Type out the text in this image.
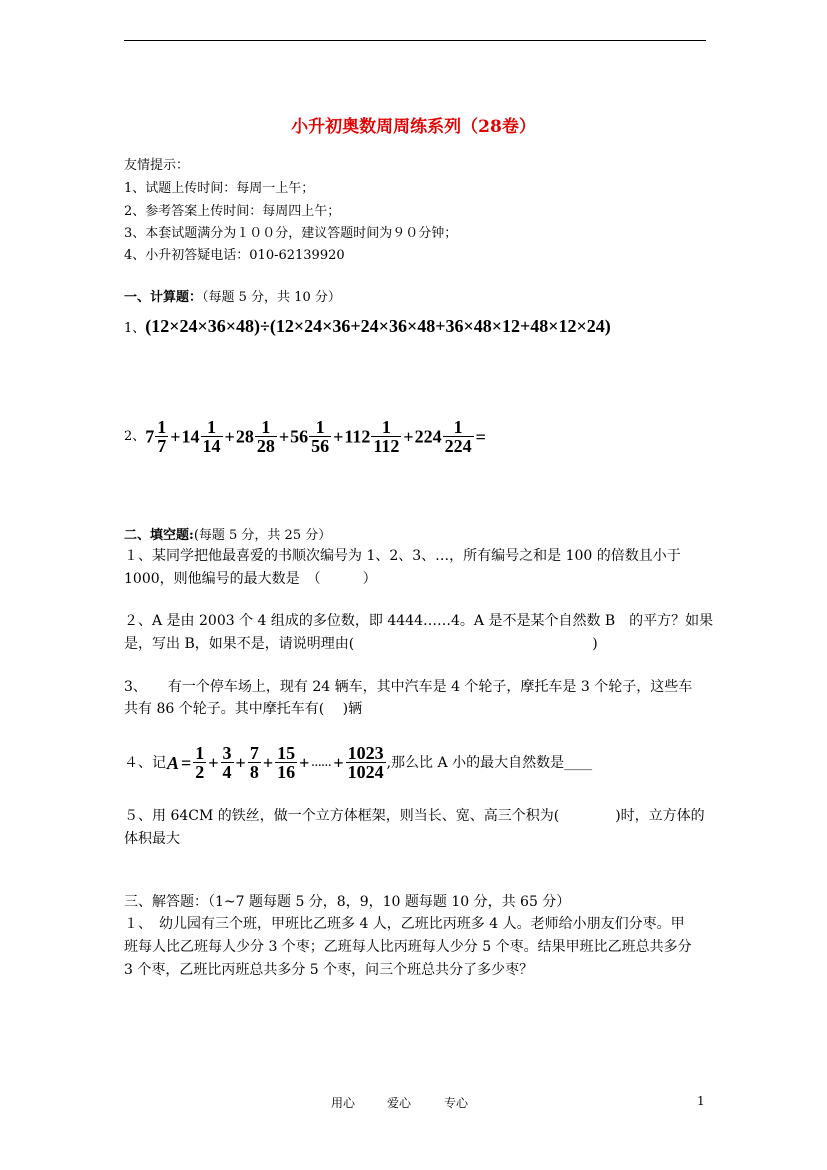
小升初奥数周周练系列（28卷）
友情提示：
1、试题上传时间：每周一上午；
2、参考答案上传时间：每周四上午；
3、本套试题满分为１００分，建议答题时间为９０分钟；
4、小升初答疑电话：010-62139920
一、计算题：（每题 5 分，共 10 分）
1、(12×24×36×48)÷(12×24×36+24×36×48+36×48×12+48×12×24)
2、 $7 \frac{1}{7} +14 \frac{1}{14} +28 \frac{1}{28} +56 \frac{1}{56} +112 \frac{1}{112} +224 \frac{1}{224}$ =
二、填空题:(每题 5 分，共 25 分）
１、某同学把他最喜爱的书顺次编号为 1、2、3、…，所有编号之和是 100 的倍数且小于
1000，则他编号的最大数是　（　　　）
２、A 是由 2003 个 4 组成的多位数，即 4444……4。A 是不是某个自然数 B　的平方？如果
是，写出 B，如果不是，请说明理由(　　　　　　　　　　　　　　　　　)
3、　　有一个停车场上，现有 24 辆车，其中汽车是 4 个轮子，摩托车是 3 个轮子，这些车
共有 86 个轮子。其中摩托车有(　 )辆
４、记 $A = \frac{1}{2} + \frac{3}{4} + \frac{7}{8} + \frac{15}{16}$ + …… + $\frac{1023}{1024}$ ,那么比 A 小的最大自然数是____
５、用 64CM 的铁丝，做一个立方体框架，则当长、宽、高三个积为(　　　　)时，立方体的
体积最大
三、解答题：（1~7 题每题 5 分，8，9，10 题每题 10 分，共 65 分）
１、　幼儿园有三个班，甲班比乙班多 4 人，乙班比丙班多 4 人。老师给小朋友们分枣。甲
班每人比乙班每人少分 3 个枣；乙班每人比丙班每人少分 5 个枣。结果甲班比乙班总共多分
3 个枣，乙班比丙班总共多分 5 个枣，问三个班总共分了多少枣？
用心	爱心	专心	1
